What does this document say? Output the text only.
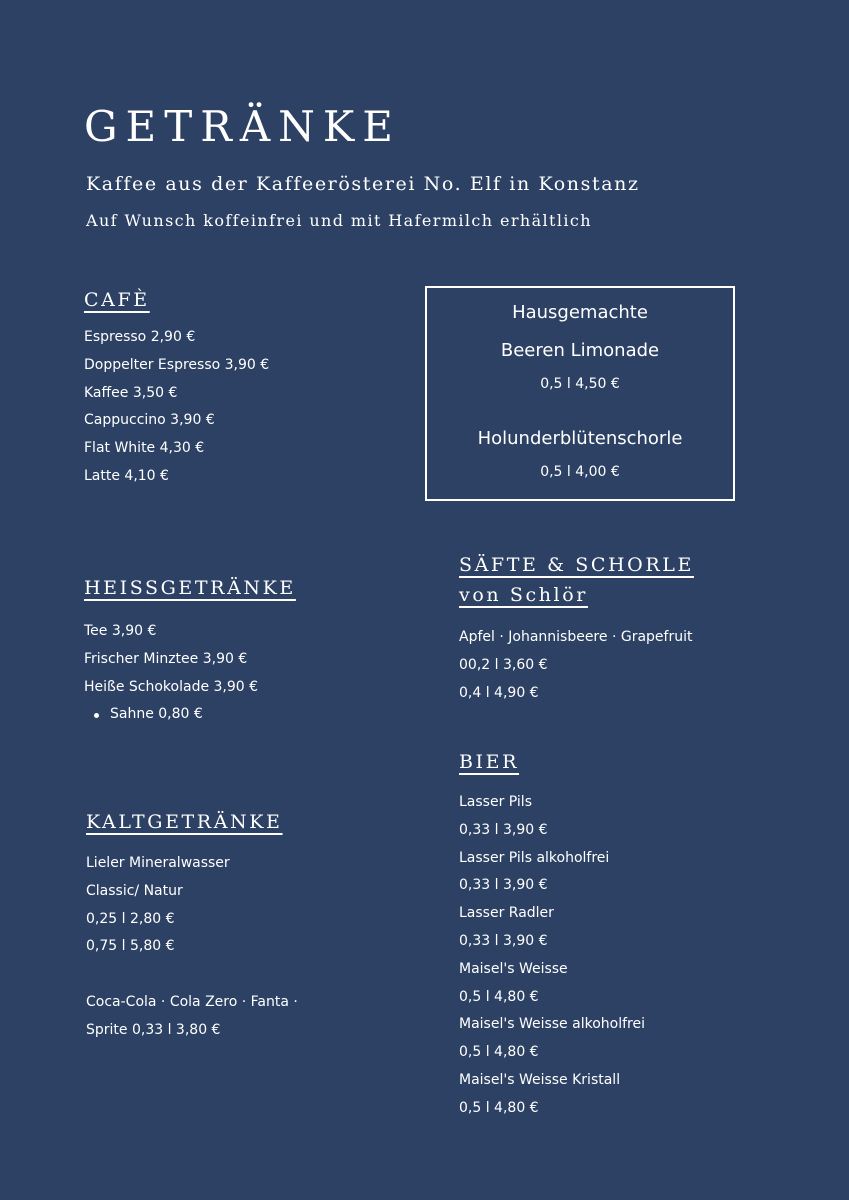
GETRÄNKE
Kaffee aus der Kaffeerösterei No. Elf in Konstanz
Auf Wunsch koffeinfrei und mit Hafermilch erhältlich
CAFÈ
Espresso 2,90 €
Doppelter Espresso 3,90 €
Kaffee 3,50 €
Cappuccino 3,90 €
Flat White 4,30 €
Latte 4,10 €
Hausgemachte
Beeren Limonade
0,5 l 4,50 €
Holunderblütenschorle
0,5 l 4,00 €
HEISSGETRÄNKE
Tee 3,90 €
Frischer Minztee 3,90 €
Heiße Schokolade 3,90 €
Sahne 0,80 €
SÄFTE & SCHORLE
von Schlör
Apfel · Johannisbeere · Grapefruit
00,2 l 3,60 €
0,4 l 4,90 €
KALTGETRÄNKE
Lieler Mineralwasser
Classic/ Natur
0,25 l 2,80 €
0,75 l 5,80 €
Coca-Cola · Cola Zero · Fanta ·
Sprite 0,33 l 3,80 €
BIER
Lasser Pils
0,33 l 3,90 €
Lasser Pils alkoholfrei
0,33 l 3,90 €
Lasser Radler
0,33 l 3,90 €
Maisel's Weisse
0,5 l 4,80 €
Maisel's Weisse alkoholfrei
0,5 l 4,80 €
Maisel's Weisse Kristall
0,5 l 4,80 €
